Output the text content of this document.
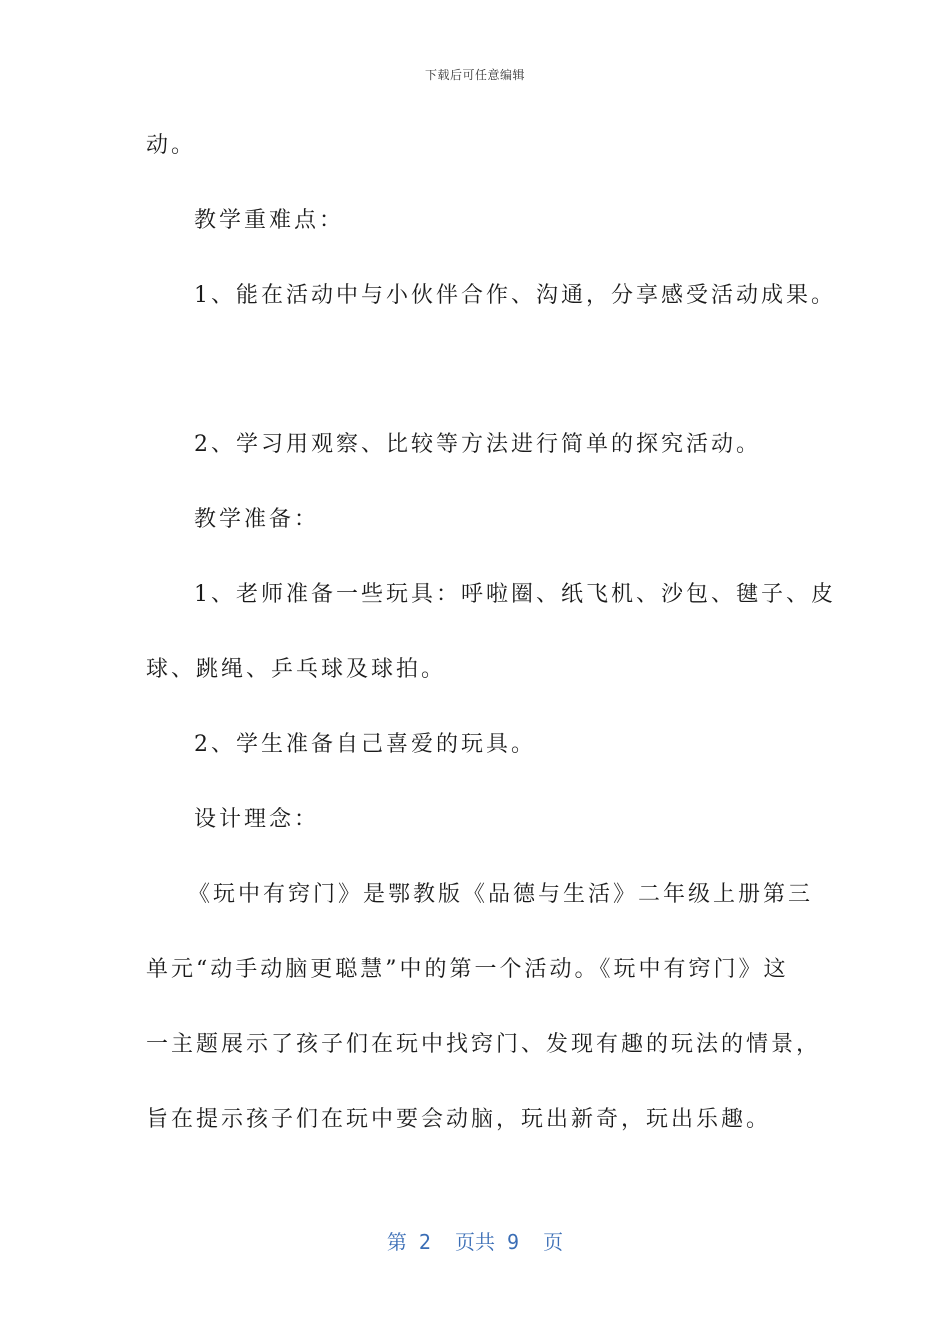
下载后可任意编辑
动。
教学重难点：
1、能在活动中与小伙伴合作、沟通，分享感受活动成果。
2、学习用观察、比较等方法进行简单的探究活动。
教学准备：
1、老师准备一些玩具：呼啦圈、纸飞机、沙包、毽子、皮
球、跳绳、乒乓球及球拍。
2、学生准备自己喜爱的玩具。
设计理念：
《玩中有窍门》是鄂教版《品德与生活》二年级上册第三
单元“动手动脑更聪慧”中的第一个活动。《玩中有窍门》这
一主题展示了孩子们在玩中找窍门、发现有趣的玩法的情景，
旨在提示孩子们在玩中要会动脑，玩出新奇，玩出乐趣。
第 2  页共 9  页
